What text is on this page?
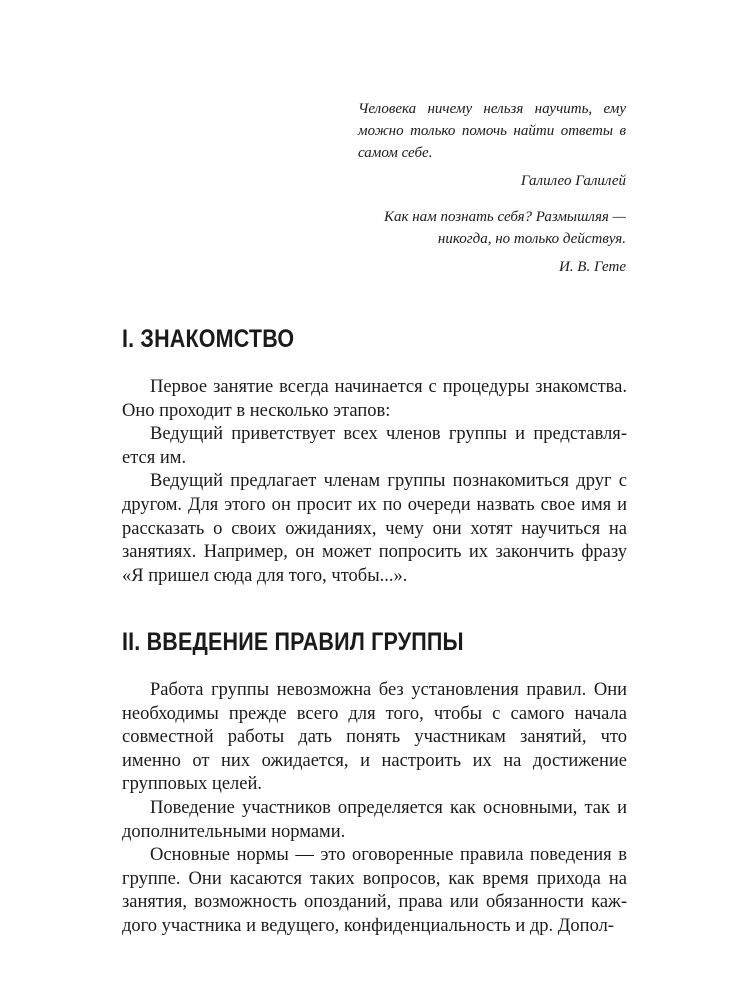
Человека ничему нельзя научить, ему можно только помочь найти ответы в самом себе.

Галилео Галилей

Как нам познать себя? Размышляя — никогда, но только действуя.

И. В. Гете
I. ЗНАКОМСТВО

Первое занятие всегда начинается с процедуры знакомства. Оно проходит в несколько этапов:

Ведущий приветствует всех членов группы и представляется им.

Ведущий предлагает членам группы познакомиться друг с другом. Для этого он просит их по очереди назвать свое имя и рассказать о своих ожиданиях, чему они хотят научиться на занятиях. Например, он может попросить их закончить фразу «Я пришел сюда для того, чтобы...».

II. ВВЕДЕНИЕ ПРАВИЛ ГРУППЫ

Работа группы невозможна без установления правил. Они необходимы прежде всего для того, чтобы с самого начала совместной работы дать понять участникам занятий, что именно от них ожидается, и настроить их на достижение групповых целей.

Поведение участников определяется как основными, так и дополнительными нормами.

Основные нормы — это оговоренные правила поведения в группе. Они касаются таких вопросов, как время прихода на занятия, возможность опозданий, права или обязанности каждого участника и ведущего, конфиденциальность и др. Допол-
